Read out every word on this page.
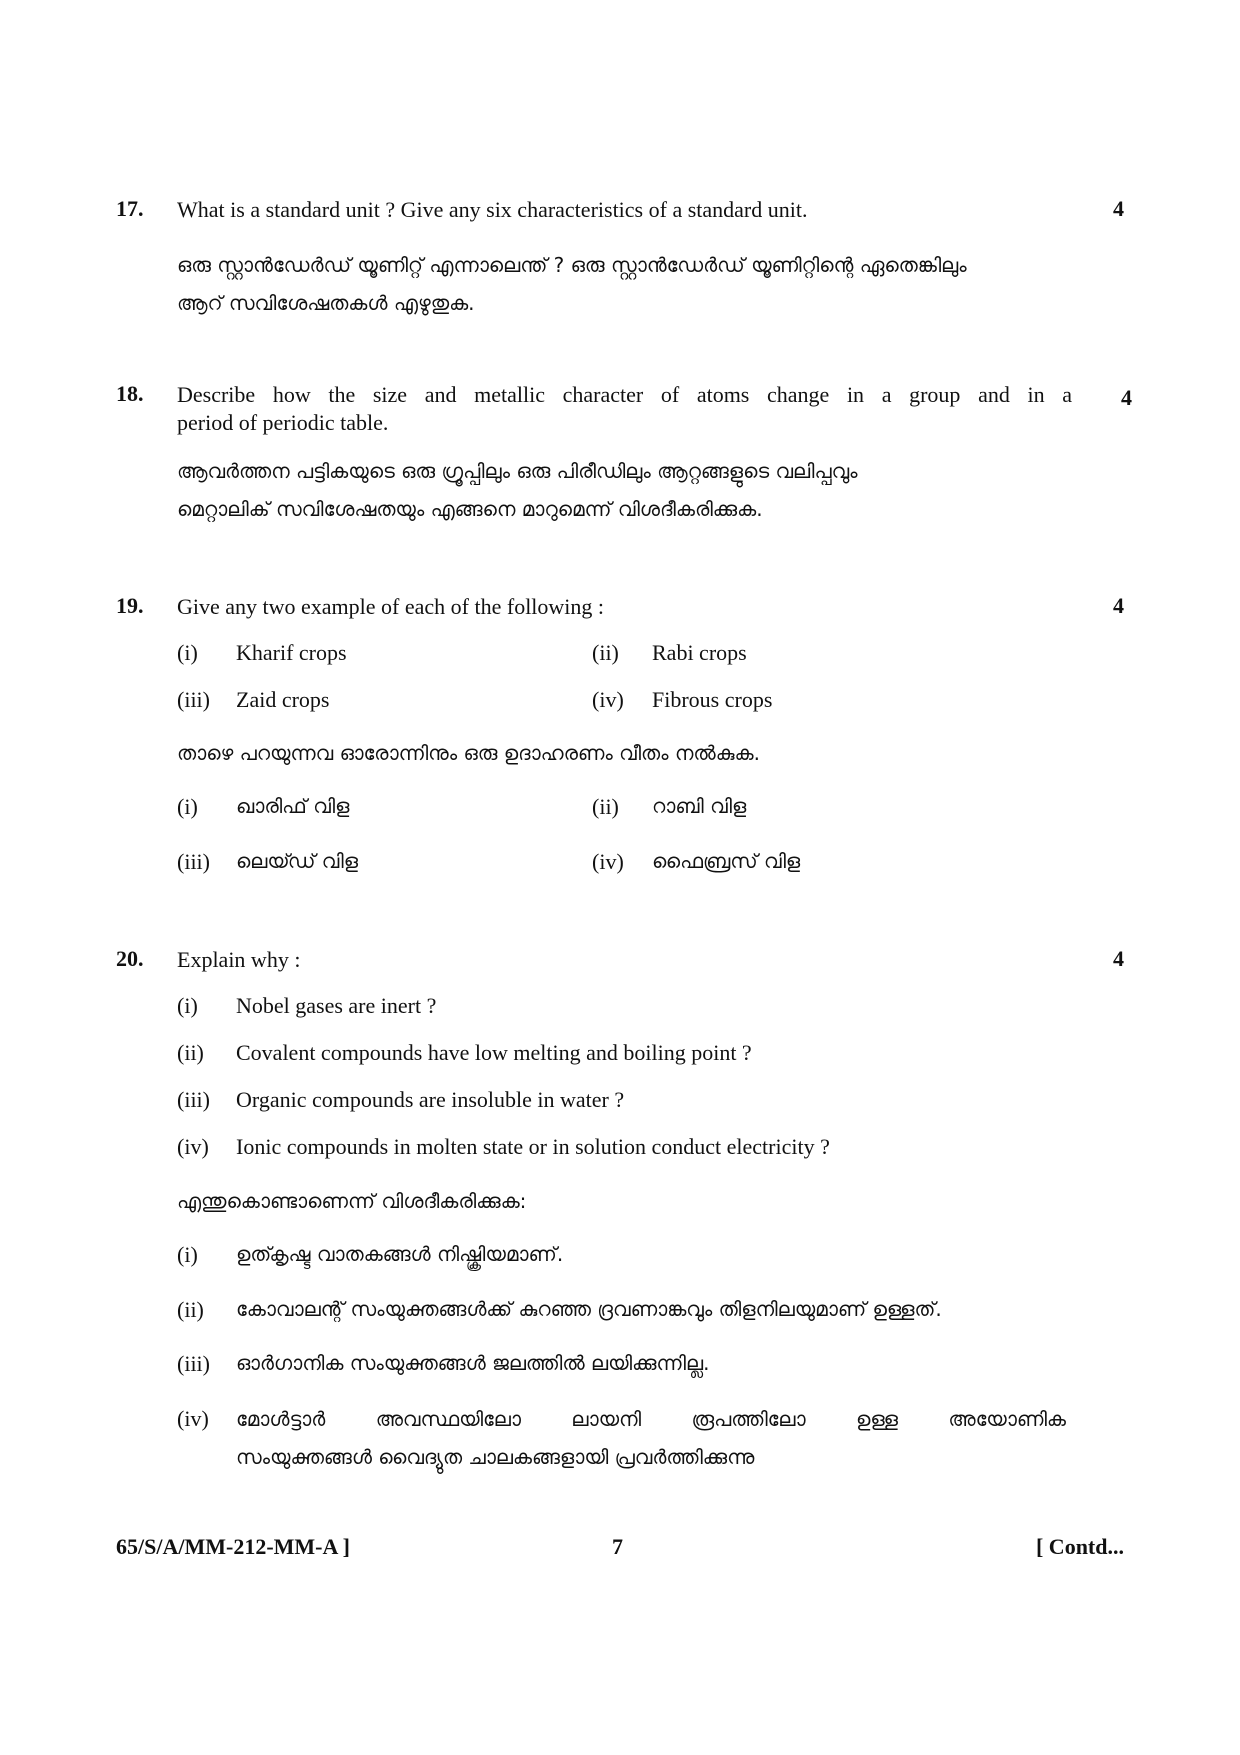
17. What is a standard unit ? Give any six characteristics of a standard unit.	4
ഒരു സ്റ്റാൻഡേർഡ് യൂണിറ്റ് എന്നാലെന്ത് ? ഒരു സ്റ്റാൻഡേർഡ് യൂണിറ്റിന്റെ ഏതെങ്കിലും
ആറ് സവിശേഷതകൾ എഴുതുക.
18. Describe how the size and metallic character of atoms change in a group and in a
period of periodic table.
4
ആവർത്തന പട്ടികയുടെ ഒരു ഗ്രൂപ്പിലും ഒരു പിരീഡിലും ആറ്റങ്ങളുടെ വലിപ്പവും
മെറ്റാലിക് സവിശേഷതയും എങ്ങനെ മാറുമെന്ന് വിശദീകരിക്കുക.
19. Give any two example of each of the following :	4
(i) Kharif crops	(ii) Rabi crops
(iii) Zaid crops	(iv) Fibrous crops
താഴെ പറയുന്നവ ഓരോന്നിനും ഒരു ഉദാഹരണം വീതം നൽകുക.
(i) ഖാരിഫ് വിള	(ii) റാബി വിള
(iii) ലെയ്ഡ് വിള	(iv) ഫൈബ്രസ് വിള
20. Explain why :	4
(i) Nobel gases are inert ?
(ii) Covalent compounds have low melting and boiling point ?
(iii) Organic compounds are insoluble in water ?
(iv) Ionic compounds in molten state or in solution conduct electricity ?
എന്തുകൊണ്ടാണെന്ന് വിശദീകരിക്കുക:
(i) ഉത്കൃഷ്ട വാതകങ്ങൾ നിഷ്ക്രിയമാണ്.
(ii) കോവാലന്റ് സംയുക്തങ്ങൾക്ക് കുറഞ്ഞ ദ്രവണാങ്കവും തിളനിലയുമാണ് ഉള്ളത്.
(iii) ഓർഗാനിക സംയുക്തങ്ങൾ ജലത്തിൽ ലയിക്കുന്നില്ല.
(iv) മോൾട്ടാർ അവസ്ഥയിലോ ലായനി രൂപത്തിലോ ഉള്ള അയോണിക
സംയുക്തങ്ങൾ വൈദ്യുത ചാലകങ്ങളായി പ്രവർത്തിക്കുന്നു
65/S/A/MM-212-MM-A ]	7	[ Contd...
